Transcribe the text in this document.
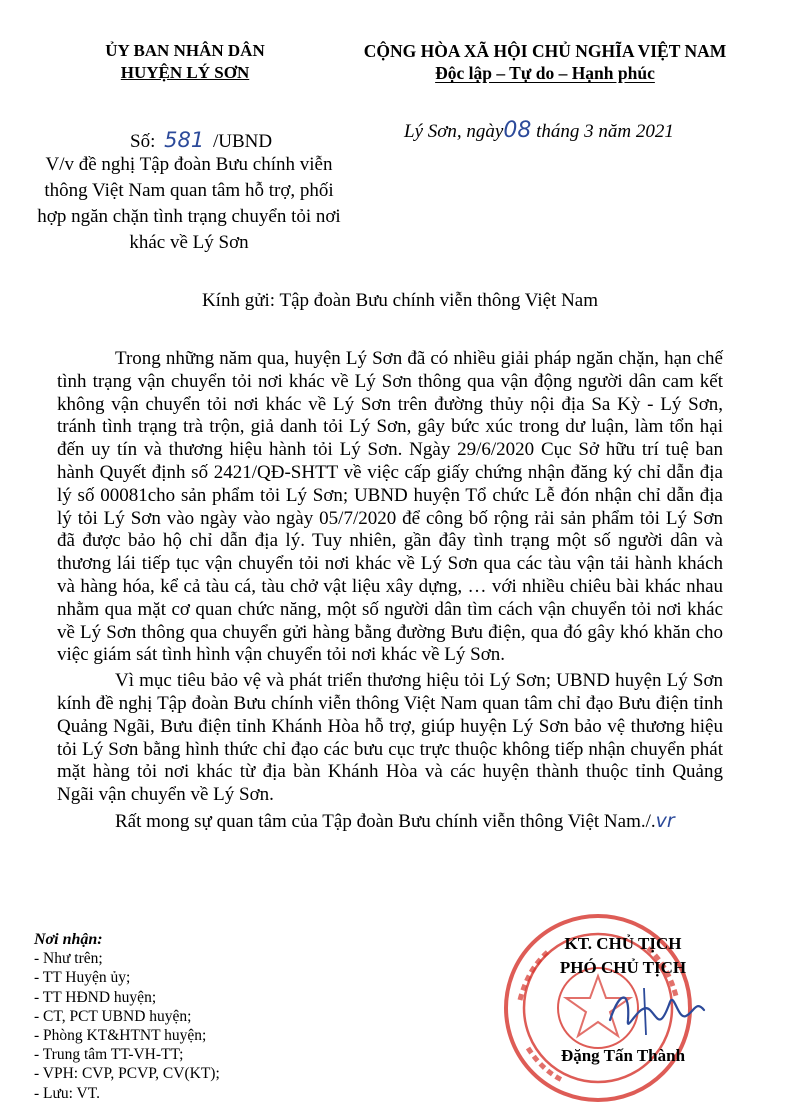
ỦY BAN NHÂN DÂN
HUYỆN LÝ SƠN
CỘNG HÒA XÃ HỘI CHỦ NGHĨA VIỆT NAM
Độc lập – Tự do – Hạnh phúc
Số: 581 /UBND
V/v đề nghị Tập đoàn Bưu chính viễn thông Việt Nam quan tâm hỗ trợ, phối hợp ngăn chặn tình trạng chuyển tỏi nơi khác về Lý Sơn
Lý Sơn, ngày08 tháng 3 năm 2021
Kính gửi: Tập đoàn Bưu chính viễn thông Việt Nam

Trong những năm qua, huyện Lý Sơn đã có nhiều giải pháp ngăn chặn, hạn chế tình trạng vận chuyển tỏi nơi khác về Lý Sơn thông qua vận động người dân cam kết không vận chuyển tỏi nơi khác về Lý Sơn trên đường thủy nội địa Sa Kỳ - Lý Sơn, tránh tình trạng trà trộn, giả danh tỏi Lý Sơn, gây bức xúc trong dư luận, làm tổn hại đến uy tín và thương hiệu hành tỏi Lý Sơn. Ngày 29/6/2020 Cục Sở hữu trí tuệ ban hành Quyết định số 2421/QĐ-SHTT về việc cấp giấy chứng nhận đăng ký chỉ dẫn địa lý số 00081cho sản phẩm tỏi Lý Sơn; UBND huyện Tổ chức Lễ đón nhận chỉ dẫn địa lý tỏi Lý Sơn vào ngày vào ngày 05/7/2020 để công bố rộng rải sản phẩm tỏi Lý Sơn đã được bảo hộ chỉ dẫn địa lý. Tuy nhiên, gần đây tình trạng một số người dân và thương lái tiếp tục vận chuyển tỏi nơi khác về Lý Sơn qua các tàu vận tải hành khách và hàng hóa, kể cả tàu cá, tàu chở vật liệu xây dựng, … với nhiều chiêu bài khác nhau nhằm qua mặt cơ quan chức năng, một số người dân tìm cách vận chuyển tỏi nơi khác về Lý Sơn thông qua chuyển gửi hàng bằng đường Bưu điện, qua đó gây khó khăn cho việc giám sát tình hình vận chuyển tỏi nơi khác về Lý Sơn.

Vì mục tiêu bảo vệ và phát triển thương hiệu tỏi Lý Sơn; UBND huyện Lý Sơn kính đề nghị Tập đoàn Bưu chính viễn thông Việt Nam quan tâm chỉ đạo Bưu điện tỉnh Quảng Ngãi, Bưu điện tỉnh Khánh Hòa hỗ trợ, giúp huyện Lý Sơn bảo vệ thương hiệu tỏi Lý Sơn bằng hình thức chỉ đạo các bưu cục trực thuộc không tiếp nhận chuyển phát mặt hàng tỏi nơi khác từ địa bàn Khánh Hòa và các huyện thành thuộc tỉnh Quảng Ngãi vận chuyển về Lý Sơn.

Rất mong sự quan tâm của Tập đoàn Bưu chính viễn thông Việt Nam./.vr

Nơi nhận:
- Như trên;
- TT Huyện ủy;
- TT HĐND huyện;
- CT, PCT UBND huyện;
- Phòng KT&HTNT huyện;
- Trung tâm TT-VH-TT;
- VPH: CVP, PCVP, CV(KT);
- Lưu: VT.
KT. CHỦ TỊCH
PHÓ CHỦ TỊCH
Đặng Tấn Thành
